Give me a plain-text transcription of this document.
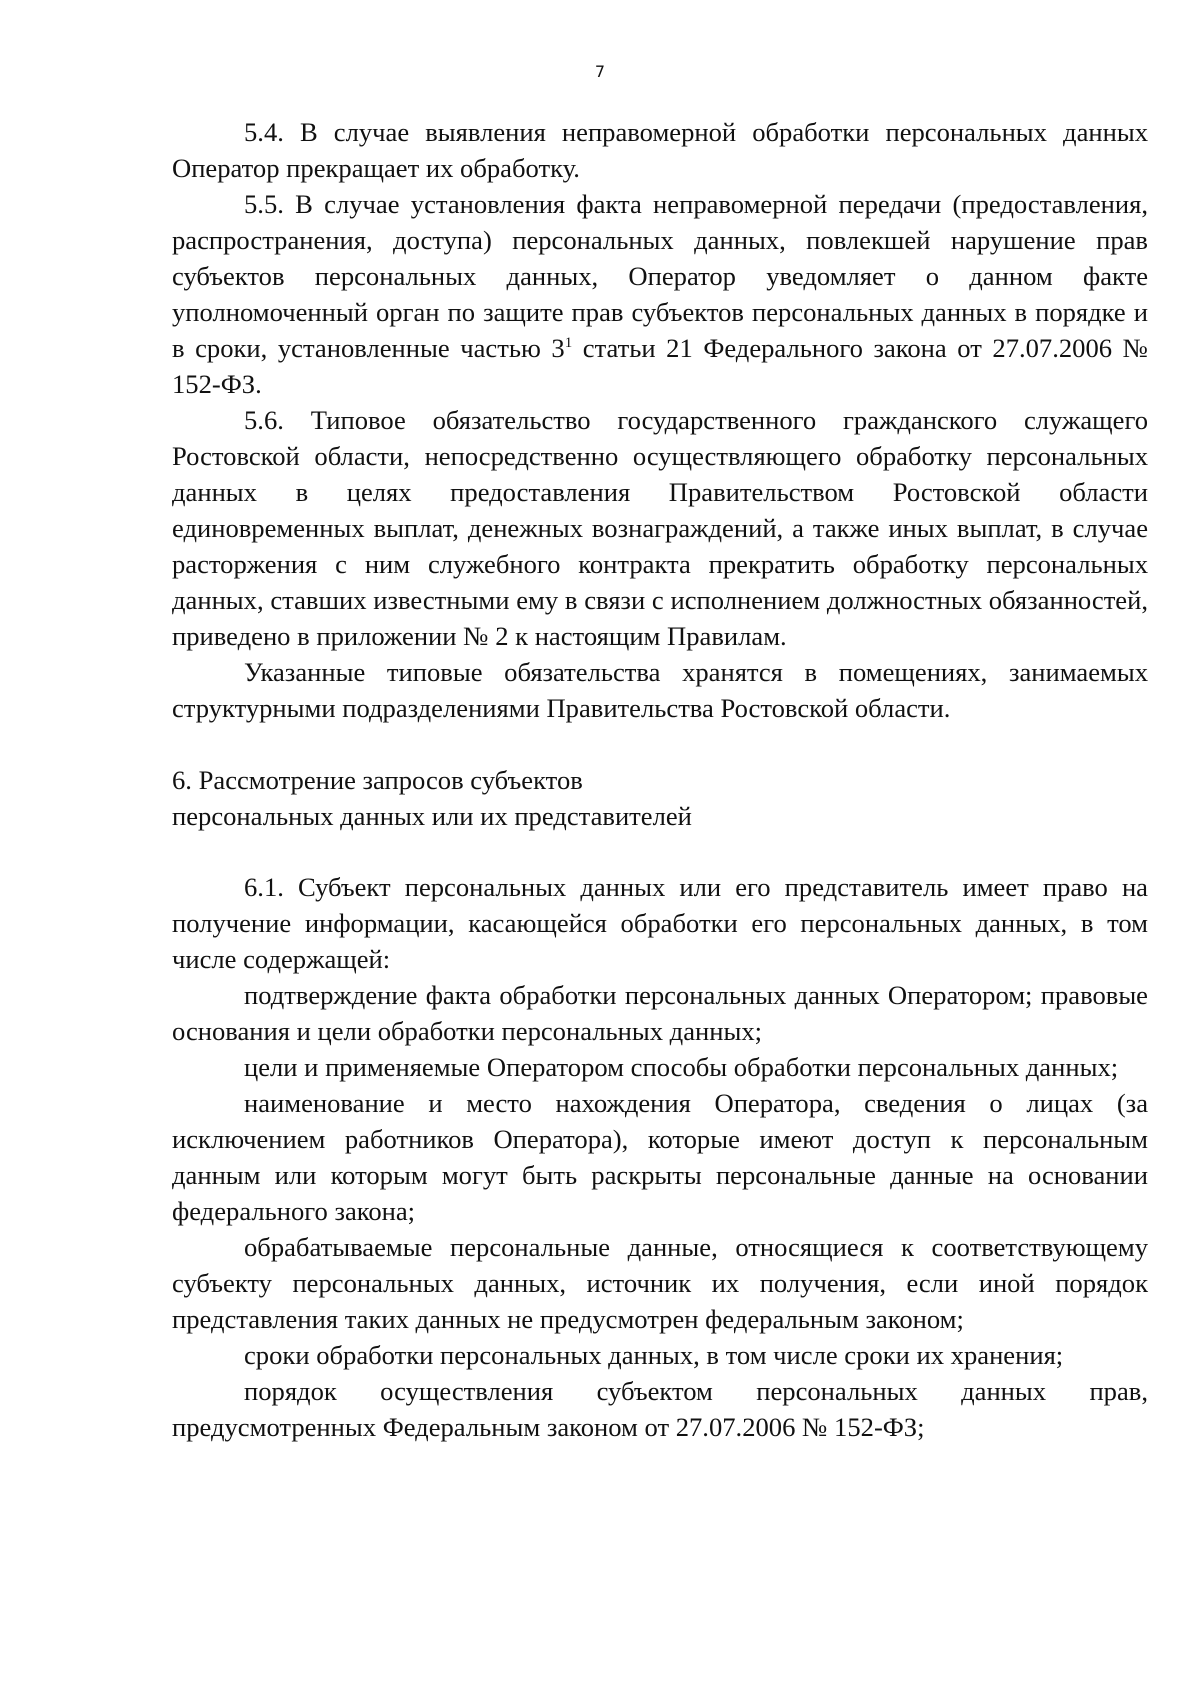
7

5.4. В случае выявления неправомерной обработки персональных данных Оператор прекращает их обработку.

5.5. В случае установления факта неправомерной передачи (предоставления, распространения, доступа) персональных данных, повлекшей нарушение прав субъектов персональных данных, Оператор уведомляет о данном факте уполномоченный орган по защите прав субъектов персональных данных в порядке и в сроки, установленные частью $3^1$ статьи 21 Федерального закона от 27.07.2006 № 152-ФЗ.

5.6. Типовое обязательство государственного гражданского служащего Ростовской области, непосредственно осуществляющего обработку персональных данных в целях предоставления Правительством Ростовской области единовременных выплат, денежных вознаграждений, а также иных выплат, в случае расторжения с ним служебного контракта прекратить обработку персональных данных, ставших известными ему в связи с исполнением должностных обязанностей, приведено в приложении № 2 к настоящим Правилам.

Указанные типовые обязательства хранятся в помещениях, занимаемых структурными подразделениями Правительства Ростовской области.

6. Рассмотрение запросов субъектов

персональных данных или их представителей

6.1. Субъект персональных данных или его представитель имеет право на получение информации, касающейся обработки его персональных данных, в том числе содержащей:

подтверждение факта обработки персональных данных Оператором; правовые основания и цели обработки персональных данных;

цели и применяемые Оператором способы обработки персональных данных;

наименование и место нахождения Оператора, сведения о лицах (за исключением работников Оператора), которые имеют доступ к персональным данным или которым могут быть раскрыты персональные данные на основании федерального закона;

обрабатываемые персональные данные, относящиеся к соответствующему субъекту персональных данных, источник их получения, если иной порядок представления таких данных не предусмотрен федеральным законом;

сроки обработки персональных данных, в том числе сроки их хранения;

порядок осуществления субъектом персональных данных прав, предусмотренных Федеральным законом от 27.07.2006 № 152-ФЗ;
